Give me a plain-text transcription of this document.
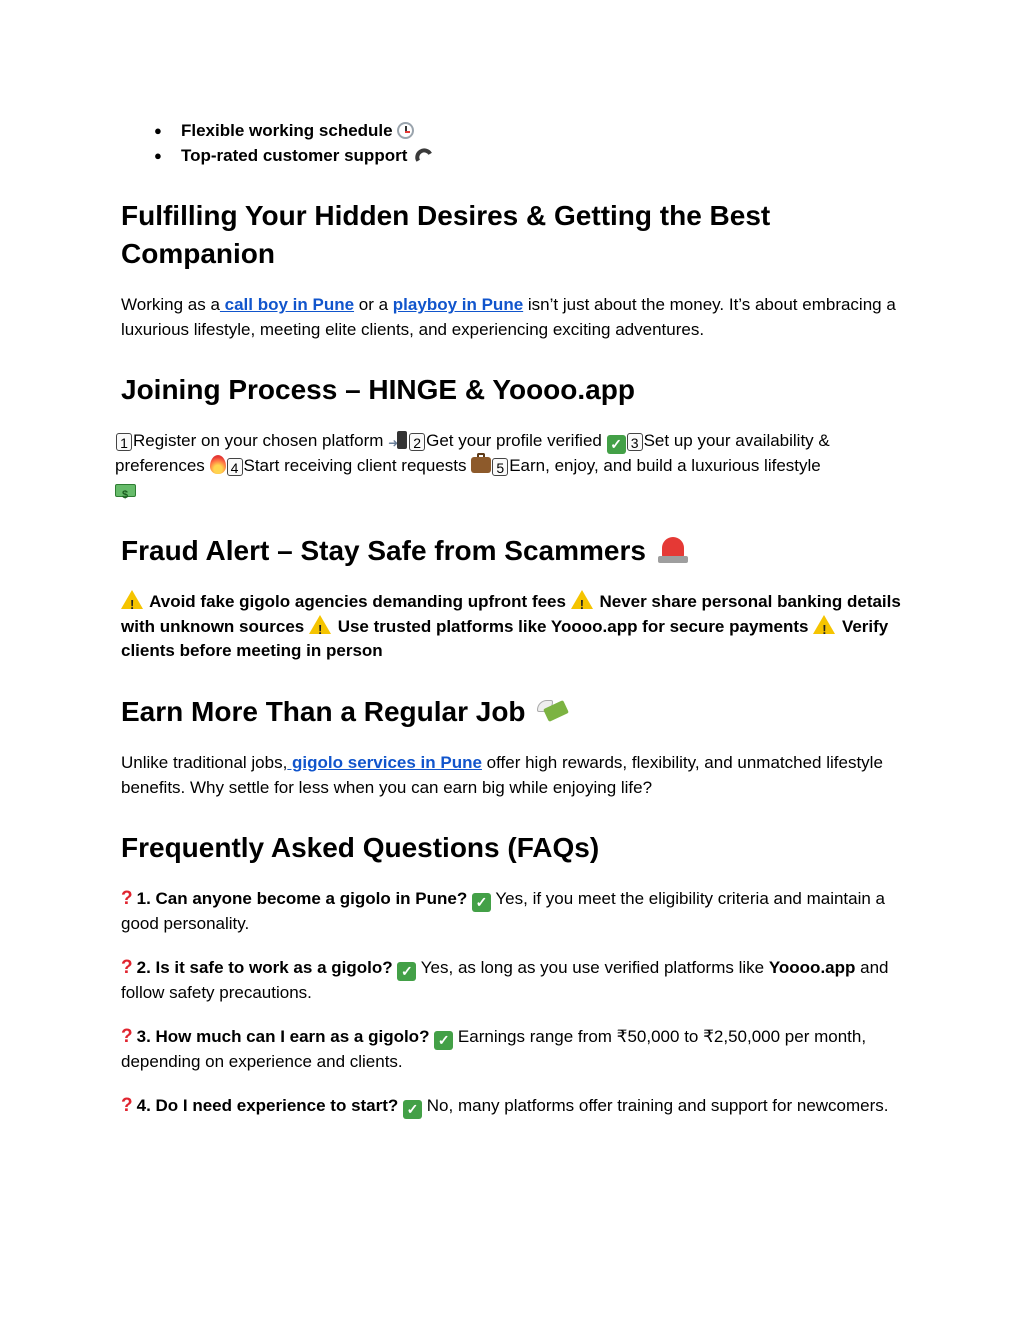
● Flexible working schedule
● Top-rated customer support
Fulfilling Your Hidden Desires & Getting the Best Companion

Working as a call boy in Pune or a playboy in Pune isn’t just about the money. It’s about embracing a luxurious lifestyle, meeting elite clients, and experiencing exciting adventures.

Joining Process – HINGE & Yoooo.app

1 Register on your chosen platform ➜2 Get your profile verified ✓ 3 Set up your availability & preferences 4 Start receiving client requests 5 Earn, enjoy, and build a luxurious lifestyle
$

Fraud Alert – Stay Safe from Scammers

! Avoid fake gigolo agencies demanding upfront fees ! Never share personal banking details with unknown sources ! Use trusted platforms like Yoooo.app for secure payments ! Verify clients before meeting in person

Earn More Than a Regular Job

Unlike traditional jobs, gigolo services in Pune offer high rewards, flexibility, and unmatched lifestyle benefits. Why settle for less when you can earn big while enjoying life?

Frequently Asked Questions (FAQs)

? 1. Can anyone become a gigolo in Pune? ✓ Yes, if you meet the eligibility criteria and maintain a good personality.

? 2. Is it safe to work as a gigolo? ✓ Yes, as long as you use verified platforms like Yoooo.app and follow safety precautions.

? 3. How much can I earn as a gigolo? ✓ Earnings range from ₹50,000 to ₹2,50,000 per month, depending on experience and clients.

? 4. Do I need experience to start? ✓ No, many platforms offer training and support for newcomers.
